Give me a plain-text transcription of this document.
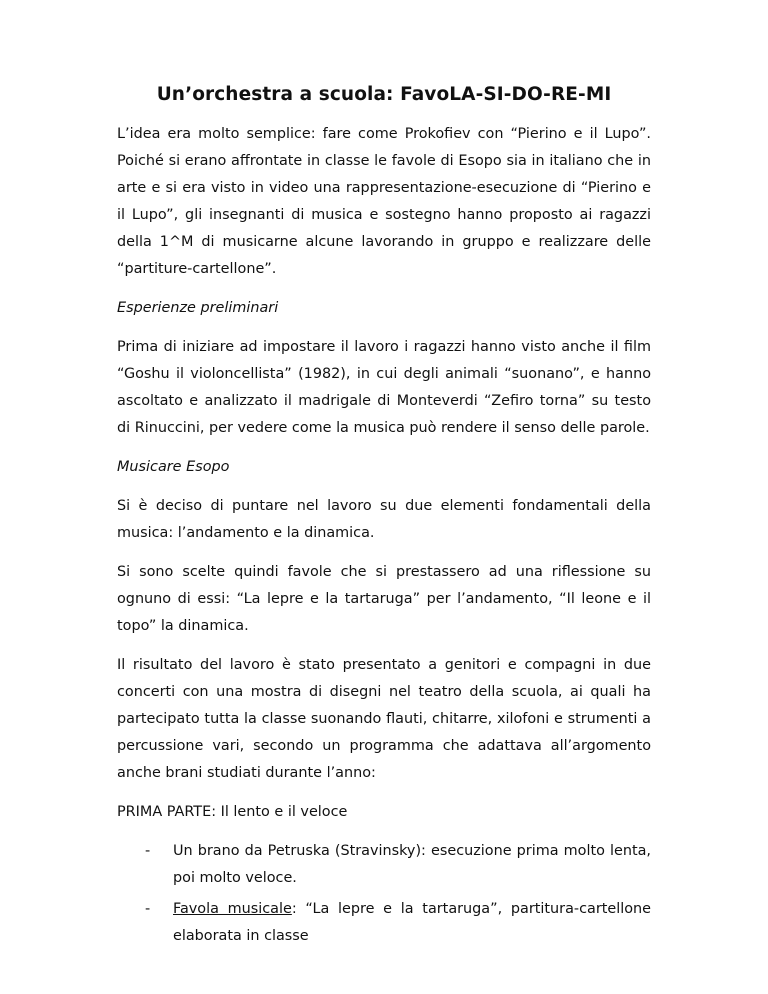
Un’orchestra a scuola: FavoLA-SI-DO-RE-MI

L’idea era molto semplice: fare come Prokofiev con “Pierino e il Lupo”. Poiché si erano affrontate in classe le favole di Esopo sia in italiano che in arte e si era visto in video una rappresentazione-esecuzione di “Pierino e il Lupo”, gli insegnanti di musica e sostegno hanno proposto ai ragazzi della 1^M di musicarne alcune lavorando in gruppo e realizzare delle “partiture-cartellone”.

Esperienze preliminari

Prima di iniziare ad impostare il lavoro i ragazzi hanno visto anche il film “Goshu il violoncellista” (1982), in cui degli animali “suonano”, e hanno ascoltato e analizzato il madrigale di Monteverdi “Zefiro torna” su testo di Rinuccini, per vedere come la musica può rendere il senso delle parole.

Musicare Esopo

Si è deciso di puntare nel lavoro su due elementi fondamentali della musica: l’andamento e la dinamica.

Si sono scelte quindi favole che si prestassero ad una riflessione su ognuno di essi: “La lepre e la tartaruga” per l’andamento, “Il leone e il topo” la dinamica.

Il risultato del lavoro è stato presentato a genitori e compagni in due concerti con una mostra di disegni nel teatro della scuola, ai quali ha partecipato tutta la classe suonando flauti, chitarre, xilofoni e strumenti a percussione vari, secondo un programma che adattava all’argomento anche brani studiati durante l’anno:

PRIMA PARTE: Il lento e il veloce

- Un brano da Petruska (Stravinsky): esecuzione prima molto lenta, poi molto veloce.
- Favola musicale: “La lepre e la tartaruga”, partitura-cartellone elaborata in classe
